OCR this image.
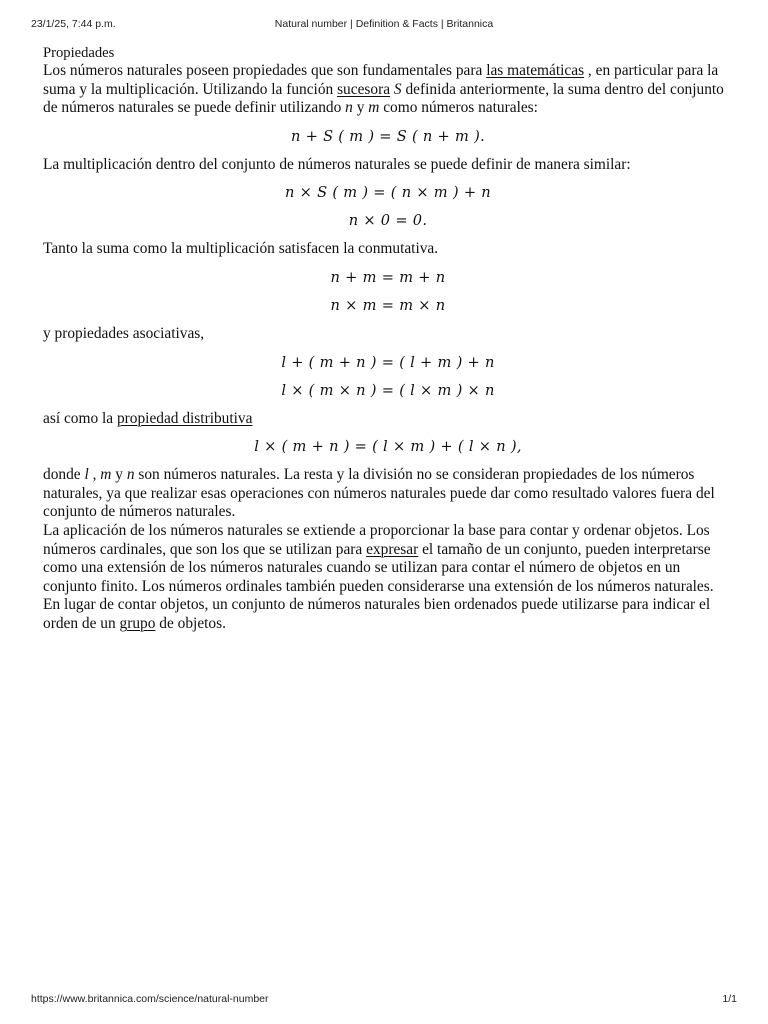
23/1/25, 7:44 p.m.	Natural number | Definition & Facts | Britannica

Propiedades

Los números naturales poseen propiedades que son fundamentales para las matemáticas , en particular para la suma y la multiplicación. Utilizando la función sucesora S definida anteriormente, la suma dentro del conjunto de números naturales se puede definir utilizando n y m como números naturales:

n + S ( m ) = S ( n + m ).

La multiplicación dentro del conjunto de números naturales se puede definir de manera similar:

n × S ( m ) = ( n × m ) + n
n × 0 = 0.

Tanto la suma como la multiplicación satisfacen la conmutativa.

n + m = m + n
n × m = m × n

y propiedades asociativas,

l + ( m + n ) = ( l + m ) + n
l × ( m × n ) = ( l × m ) × n

así como la propiedad distributiva

l × ( m + n ) = ( l × m ) + ( l × n ),

donde l , m y n son números naturales. La resta y la división no se consideran propiedades de los números naturales, ya que realizar esas operaciones con números naturales puede dar como resultado valores fuera del conjunto de números naturales.

La aplicación de los números naturales se extiende a proporcionar la base para contar y ordenar objetos. Los números cardinales, que son los que se utilizan para expresar el tamaño de un conjunto, pueden interpretarse como una extensión de los números naturales cuando se utilizan para contar el número de objetos en un conjunto finito. Los números ordinales también pueden considerarse una extensión de los números naturales. En lugar de contar objetos, un conjunto de números naturales bien ordenados puede utilizarse para indicar el orden de un grupo de objetos.

https://www.britannica.com/science/natural-number	1/1
